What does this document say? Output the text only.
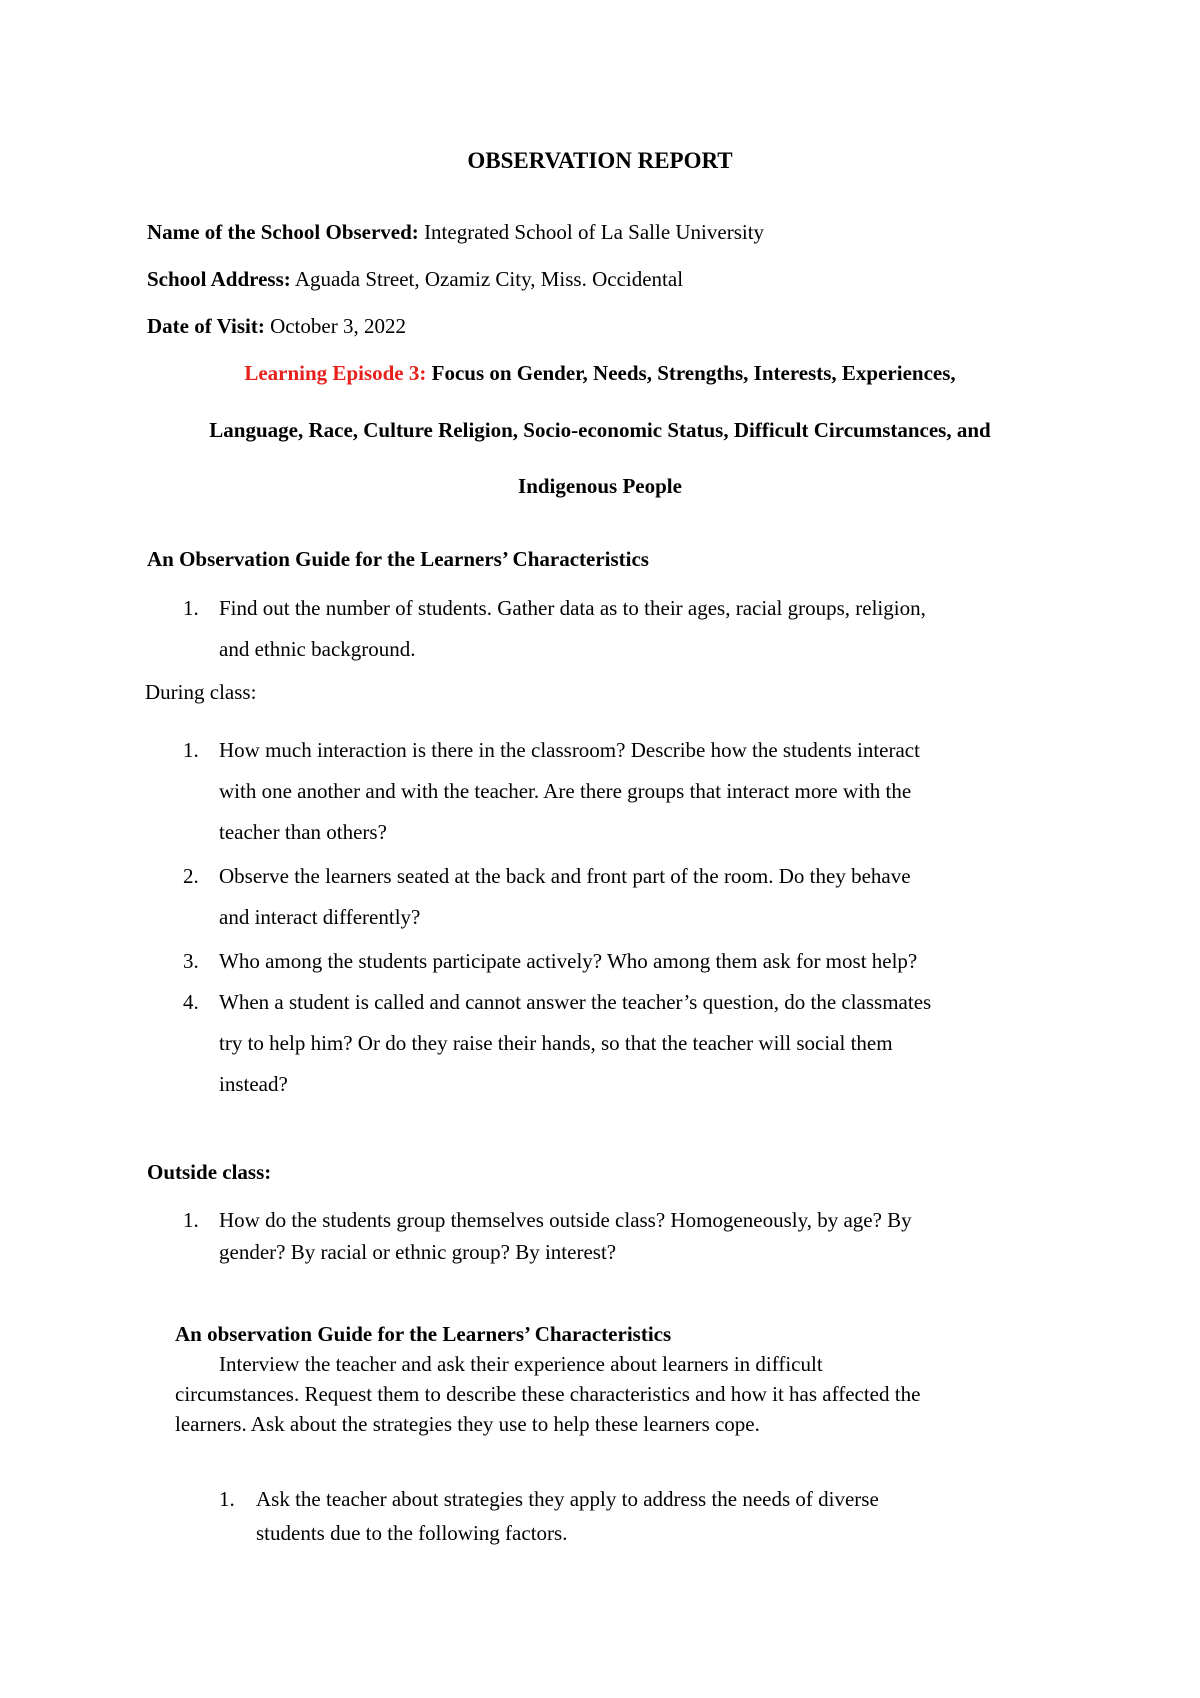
OBSERVATION REPORT
Name of the School Observed: Integrated School of La Salle University
School Address: Aguada Street, Ozamiz City, Miss. Occidental
Date of Visit: October 3, 2022
Learning Episode 3: Focus on Gender, Needs, Strengths, Interests, Experiences,
Language, Race, Culture Religion, Socio-economic Status, Difficult Circumstances, and
Indigenous People
An Observation Guide for the Learners’ Characteristics
1. Find out the number of students. Gather data as to their ages, racial groups, religion,
and ethnic background.
During class:
1. How much interaction is there in the classroom? Describe how the students interact
with one another and with the teacher. Are there groups that interact more with the
teacher than others?
2. Observe the learners seated at the back and front part of the room. Do they behave
and interact differently?
3. Who among the students participate actively? Who among them ask for most help?
4. When a student is called and cannot answer the teacher’s question, do the classmates
try to help him? Or do they raise their hands, so that the teacher will social them
instead?
Outside class:
1. How do the students group themselves outside class? Homogeneously, by age? By
gender? By racial or ethnic group? By interest?
An observation Guide for the Learners’ Characteristics
Interview the teacher and ask their experience about learners in difficult
circumstances. Request them to describe these characteristics and how it has affected the
learners. Ask about the strategies they use to help these learners cope.
1. Ask the teacher about strategies they apply to address the needs of diverse
students due to the following factors.
